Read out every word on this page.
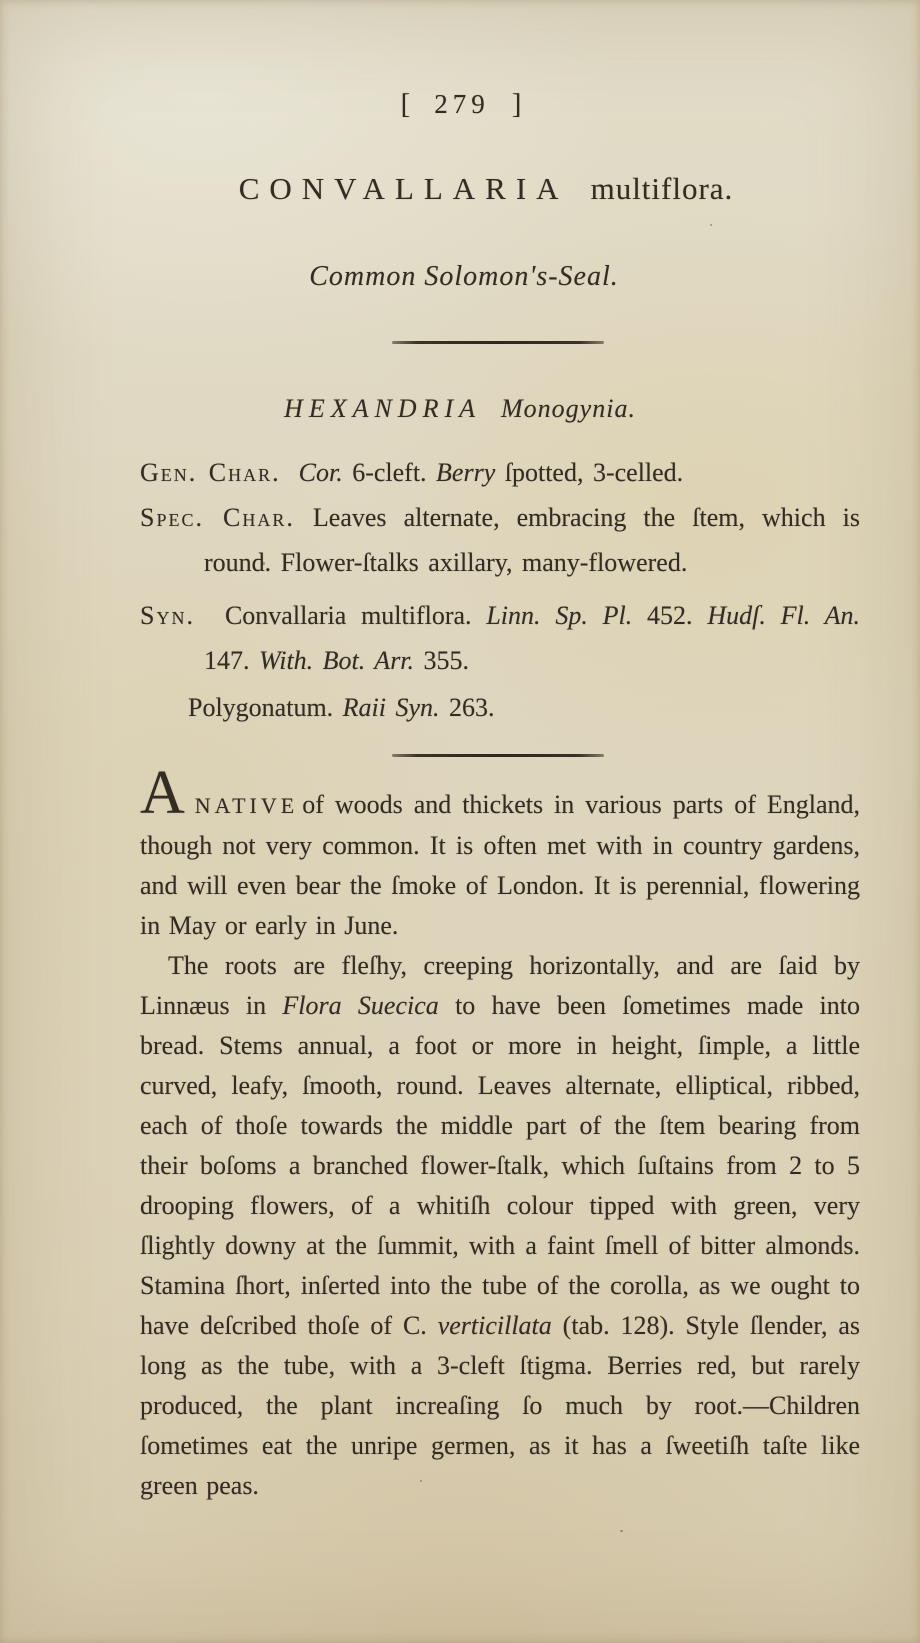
[ 279 ]
CONVALLARIA multiflora.
Common Solomon's-Seal.
HEXANDRIA Monogynia.
Gen. Char. Cor. 6-cleft. Berry ſpotted, 3-celled.
Spec. Char. Leaves alternate, embracing the ſtem, which is round. Flower-ſtalks axillary, many-flowered.
Syn. Convallaria multiflora. Linn. Sp. Pl. 452. Hudſ. Fl. An. 147. With. Bot. Arr. 355.
Polygonatum. Raii Syn. 263.

ANATIVE of woods and thickets in various parts of England, though not very common. It is often met with in country gardens, and will even bear the ſmoke of London. It is perennial, flowering in May or early in June.

The roots are fleſhy, creeping horizontally, and are ſaid by Linnæus in Flora Suecica to have been ſometimes made into bread. Stems annual, a foot or more in height, ſimple, a little curved, leafy, ſmooth, round. Leaves alternate, elliptical, ribbed, each of thoſe towards the middle part of the ſtem bearing from their boſoms a branched flower-ſtalk, which ſuſtains from 2 to 5 drooping flowers, of a whitiſh colour tipped with green, very ſlightly downy at the ſummit, with a faint ſmell of bitter almonds. Stamina ſhort, inſerted into the tube of the corolla, as we ought to have deſcribed thoſe of C. verticillata (tab. 128). Style ſlender, as long as the tube, with a 3-cleft ſtigma. Berries red, but rarely produced, the plant increaſing ſo much by root.—Children ſometimes eat the unripe germen, as it has a ſweetiſh taſte like green peas.
